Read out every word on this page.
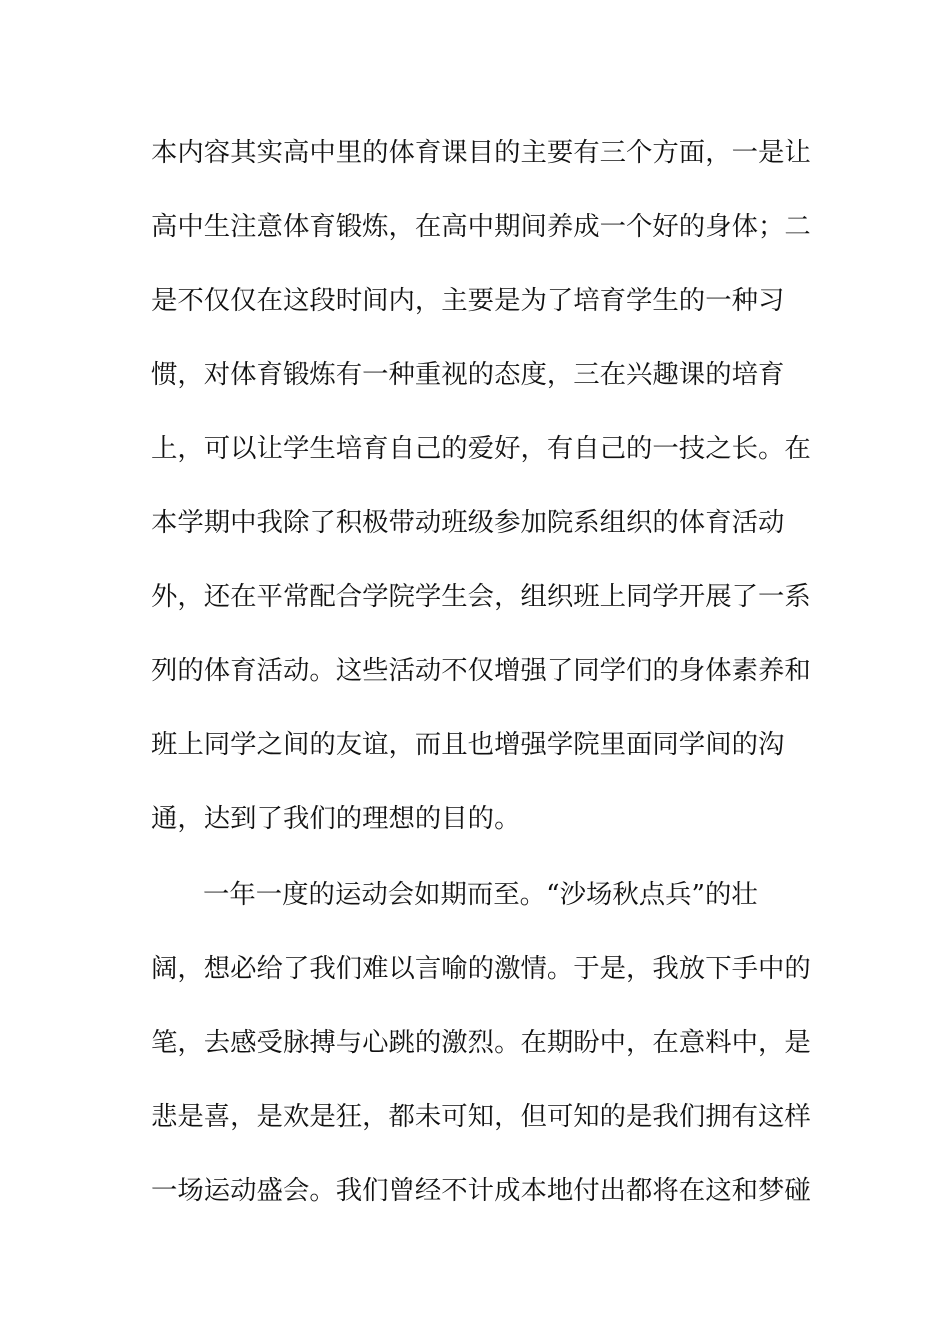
本内容其实高中里的体育课目的主要有三个方面，一是让
高中生注意体育锻炼，在高中期间养成一个好的身体；二
是不仅仅在这段时间内，主要是为了培育学生的一种习
惯，对体育锻炼有一种重视的态度，三在兴趣课的培育
上，可以让学生培育自己的爱好，有自己的一技之长。在
本学期中我除了积极带动班级参加院系组织的体育活动
外，还在平常配合学院学生会，组织班上同学开展了一系
列的体育活动。这些活动不仅增强了同学们的身体素养和
班上同学之间的友谊，而且也增强学院里面同学间的沟
通，达到了我们的理想的目的。
一年一度的运动会如期而至。“沙场秋点兵”的壮
阔，想必给了我们难以言喻的激情。于是，我放下手中的
笔，去感受脉搏与心跳的激烈。在期盼中，在意料中，是
悲是喜，是欢是狂，都未可知，但可知的是我们拥有这样
一场运动盛会。我们曾经不计成本地付出都将在这和梦碰
